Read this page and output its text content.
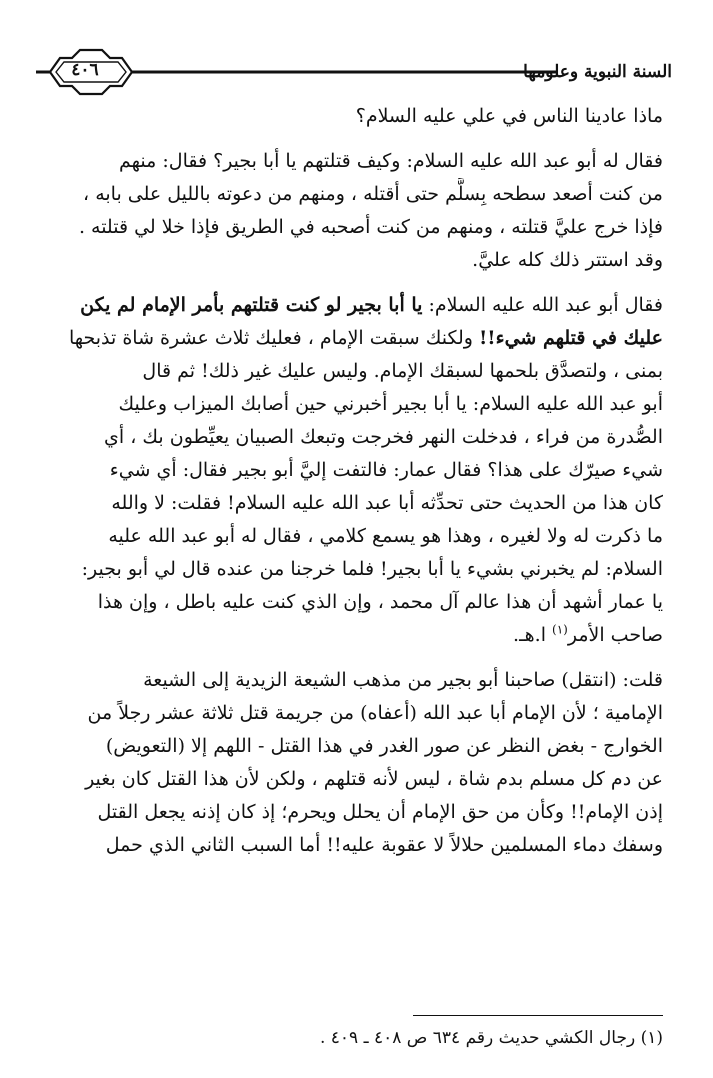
٤٠٦	السنة النبوية وعلومها
ماذا عادينا الناس في علي عليه السلام؟
فقال له أبو عبد الله عليه السلام: وكيف قتلتهم يا أبا بجير؟ فقال: منهم
من كنت أصعد سطحه بِسلَّم حتى أقتله ، ومنهم من دعوته بالليل على بابه ،
فإذا خرج عليَّ قتلته ، ومنهم من كنت أصحبه في الطريق فإذا خلا لي قتلته .
وقد استتر ذلك كله عليَّ.
فقال أبو عبد الله عليه السلام: يا أبا بجير لو كنت قتلتهم بأمر الإمام لم يكن
عليك في قتلهم شيء!! ولكنك سبقت الإمام ، فعليك ثلاث عشرة شاة تذبحها
بمنى ، ولتصدَّق بلحمها لسبقك الإمام. وليس عليك غير ذلك! ثم قال
أبو عبد الله عليه السلام: يا أبا بجير أخبرني حين أصابك الميزاب وعليك
الصُّدرة من فراء ، فدخلت النهر فخرجت وتبعك الصبيان يعيِّطون بك ، أي
شيء صيرّك على هذا؟ فقال عمار: فالتفت إليَّ أبو بجير فقال: أي شيء
كان هذا من الحديث حتى تحدِّثه أبا عبد الله عليه السلام! فقلت: لا والله
ما ذكرت له ولا لغيره ، وهذا هو يسمع كلامي ، فقال له أبو عبد الله عليه
السلام: لم يخبرني بشيء يا أبا بجير! فلما خرجنا من عنده قال لي أبو بجير:
يا عمار أشهد أن هذا عالم آل محمد ، وإن الذي كنت عليه باطل ، وإن هذا
صاحب الأمر$^{(١)}$ ا.هـ.
قلت: (انتقل) صاحبنا أبو بجير من مذهب الشيعة الزيدية إلى الشيعة
الإمامية ؛ لأن الإمام أبا عبد الله (أعفاه) من جريمة قتل ثلاثة عشر رجلاً من
الخوارج - بغض النظر عن صور الغدر في هذا القتل - اللهم إلا (التعويض)
عن دم كل مسلم بدم شاة ، ليس لأنه قتلهم ، ولكن لأن هذا القتل كان بغير
إذن الإمام!! وكأن من حق الإمام أن يحلل ويحرم؛ إذ كان إذنه يجعل القتل
وسفك دماء المسلمين حلالاً لا عقوبة عليه!! أما السبب الثاني الذي حمل
(١) رجال الكشي حديث رقم ٦٣٤ ص ٤٠٨ ـ ٤٠٩ .
